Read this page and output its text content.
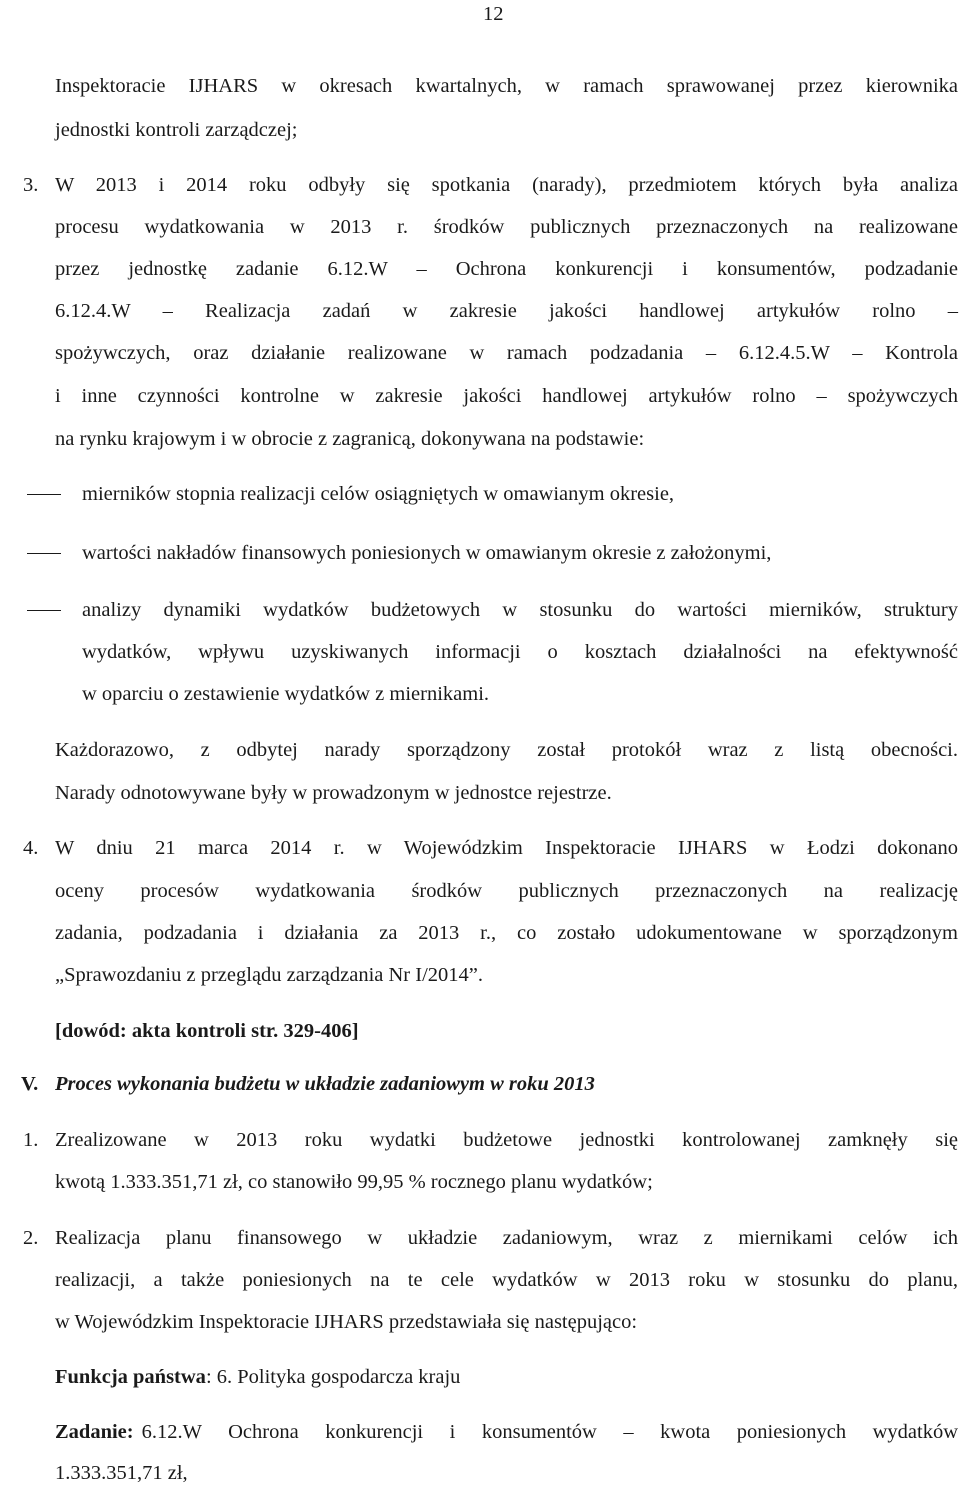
12
Inspektoracie IJHARS w okresach kwartalnych, w ramach sprawowanej przez kierownika
jednostki kontroli zarządczej;
3. W 2013 i 2014 roku odbyły się spotkania (narady), przedmiotem których była analiza
procesu wydatkowania w 2013 r. środków publicznych przeznaczonych na realizowane
przez jednostkę zadanie 6.12.W – Ochrona konkurencji i konsumentów, podzadanie
6.12.4.W – Realizacja zadań w zakresie jakości handlowej artykułów rolno –
spożywczych, oraz działanie realizowane w ramach podzadania – 6.12.4.5.W – Kontrola
i inne czynności kontrolne w zakresie jakości handlowej artykułów rolno – spożywczych
na rynku krajowym i w obrocie z zagranicą, dokonywana na podstawie:
mierników stopnia realizacji celów osiągniętych w omawianym okresie,
wartości nakładów finansowych poniesionych w omawianym okresie z założonymi,
analizy dynamiki wydatków budżetowych w stosunku do wartości mierników, struktury
wydatków, wpływu uzyskiwanych informacji o kosztach działalności na efektywność
w oparciu o zestawienie wydatków z miernikami.
Każdorazowo, z odbytej narady sporządzony został protokół wraz z listą obecności.
Narady odnotowywane były w prowadzonym w jednostce rejestrze.
4. W dniu 21 marca 2014 r. w Wojewódzkim Inspektoracie IJHARS w Łodzi dokonano
oceny procesów wydatkowania środków publicznych przeznaczonych na realizację
zadania, podzadania i działania za 2013 r., co zostało udokumentowane w sporządzonym
„Sprawozdaniu z przeglądu zarządzania Nr I/2014”.
[dowód: akta kontroli str. 329-406]
V. Proces wykonania budżetu w układzie zadaniowym w roku 2013
1. Zrealizowane w 2013 roku wydatki budżetowe jednostki kontrolowanej zamknęły się
kwotą 1.333.351,71 zł, co stanowiło 99,95 % rocznego planu wydatków;
2. Realizacja planu finansowego w układzie zadaniowym, wraz z miernikami celów ich
realizacji, a także poniesionych na te cele wydatków w 2013 roku w stosunku do planu,
w Wojewódzkim Inspektoracie IJHARS przedstawiała się następująco:
Funkcja państwa: 6. Polityka gospodarcza kraju
Zadanie: 6.12.W Ochrona konkurencji i konsumentów – kwota poniesionych wydatków
1.333.351,71 zł,
